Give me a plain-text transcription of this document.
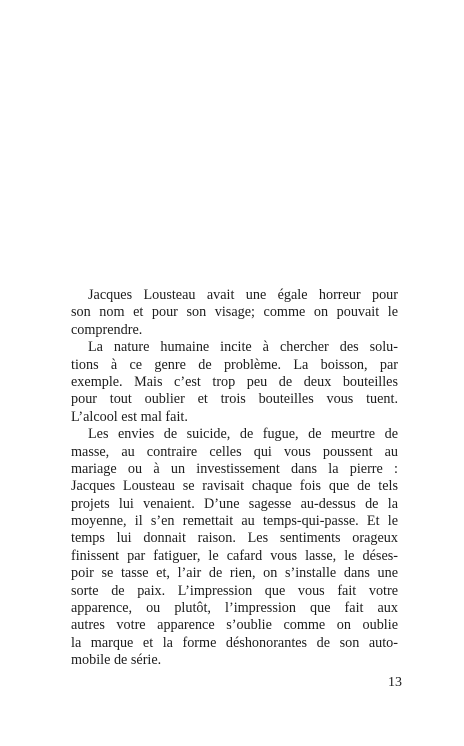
Jacques Lousteau avait une égale horreur pour
son nom et pour son visage; comme on pouvait le
comprendre.
La nature humaine incite à chercher des solu-
tions à ce genre de problème. La boisson, par
exemple. Mais c’est trop peu de deux bouteilles
pour tout oublier et trois bouteilles vous tuent.
L’alcool est mal fait.
Les envies de suicide, de fugue, de meurtre de
masse, au contraire celles qui vous poussent au
mariage ou à un investissement dans la pierre :
Jacques Lousteau se ravisait chaque fois que de tels
projets lui venaient. D’une sagesse au-dessus de la
moyenne, il s’en remettait au temps-qui-passe. Et le
temps lui donnait raison. Les sentiments orageux
finissent par fatiguer, le cafard vous lasse, le déses-
poir se tasse et, l’air de rien, on s’installe dans une
sorte de paix. L’impression que vous fait votre
apparence, ou plutôt, l’impression que fait aux
autres votre apparence s’oublie comme on oublie
la marque et la forme déshonorantes de son auto-
mobile de série.
13
